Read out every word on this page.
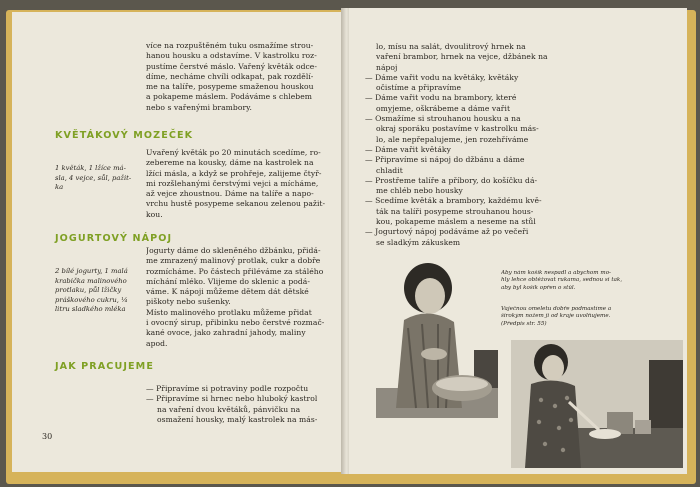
více na rozpuštěném tuku osmažíme strou-
hanou housku a odstavíme. V kastrolku roz-
pustíme čerstvé máslo. Vařený květák odce-
díme, necháme chvíli odkapat, pak rozdělí-
me na talíře, posypeme smaženou houskou
a pokapeme máslem. Podáváme s chlebem
nebo s vařenými brambory.
KVĚTÁKOVÝ MOZEČEK
1 květák, 1 lžíce má-
sla, 4 vejce, sůl, pažit-
ka
Uvařený květák po 20 minutách scedíme, ro-
zebereme na kousky, dáme na kastrolek na
lžíci másla, a když se prohřeje, zalijeme čtyř-
mi rozšlehanými čerstvými vejci a mícháme,
až vejce zhoustnou. Dáme na talíře a napo-
vrchu hustě posypeme sekanou zelenou pažit-
kou.
JOGURTOVÝ NÁPOJ
2 bílé jogurty, 1 malá
krabička malinového
protlaku, půl lžičky
práškového cukru, ¼
litru sladkého mléka
Jogurty dáme do skleněného džbánku, přidá-
me zmrazený malinový protlak, cukr a dobře
rozmícháme. Po částech přiléváme za stálého
míchání mléko. Vlijeme do sklenic a podá-
váme. K nápoji můžeme dětem dát dětské
piškoty nebo sušenky.
Místo malinového protlaku můžeme přidat
i ovocný sirup, přibinku nebo čerstvé rozmač-
kané ovoce, jako zahradní jahody, maliny
apod.
JAK PRACUJEME
— Připravíme si potraviny podle rozpočtu
— Připravíme si hrnec nebo hluboký kastrol
na vaření dvou květáků, pánvičku na
osmažení housky, malý kastrolek na más-
30
lo, mísu na salát, dvoulitrový hrnek na
vaření brambor, hrnek na vejce, džbánek na
nápoj
— Dáme vařit vodu na květáky, květáky
očistíme a připravíme
— Dáme vařit vodu na brambory, které
omyjeme, oškrábeme a dáme vařit
— Osmažíme si strouhanou housku a na
okraj sporáku postavíme v kastrolku más-
lo, ale nepřepalujeme, jen rozehříváme
— Dáme vařit květáky
— Připravíme si nápoj do džbánu a dáme
chladit
— Prostřeme talíře a příbory, do košíčku dá-
me chléb nebo housky
— Scedíme květák a brambory, každému kvě-
ták na talíři posypeme strouhanou hous-
kou, pokapeme máslem a neseme na stůl
— Jogurtový nápoj podáváme až po večeři
se sladkým zákuskem
Aby nám košík nespadl a abychom mo-
hly lehce obtěžovat rukama, sednou si tak,
aby byl košík opřen o stůl.
Vaječnou omeletu dobře podmastíme a
širokým nožem ji od kraje uvolňujeme.
(Předpis str. 55)
